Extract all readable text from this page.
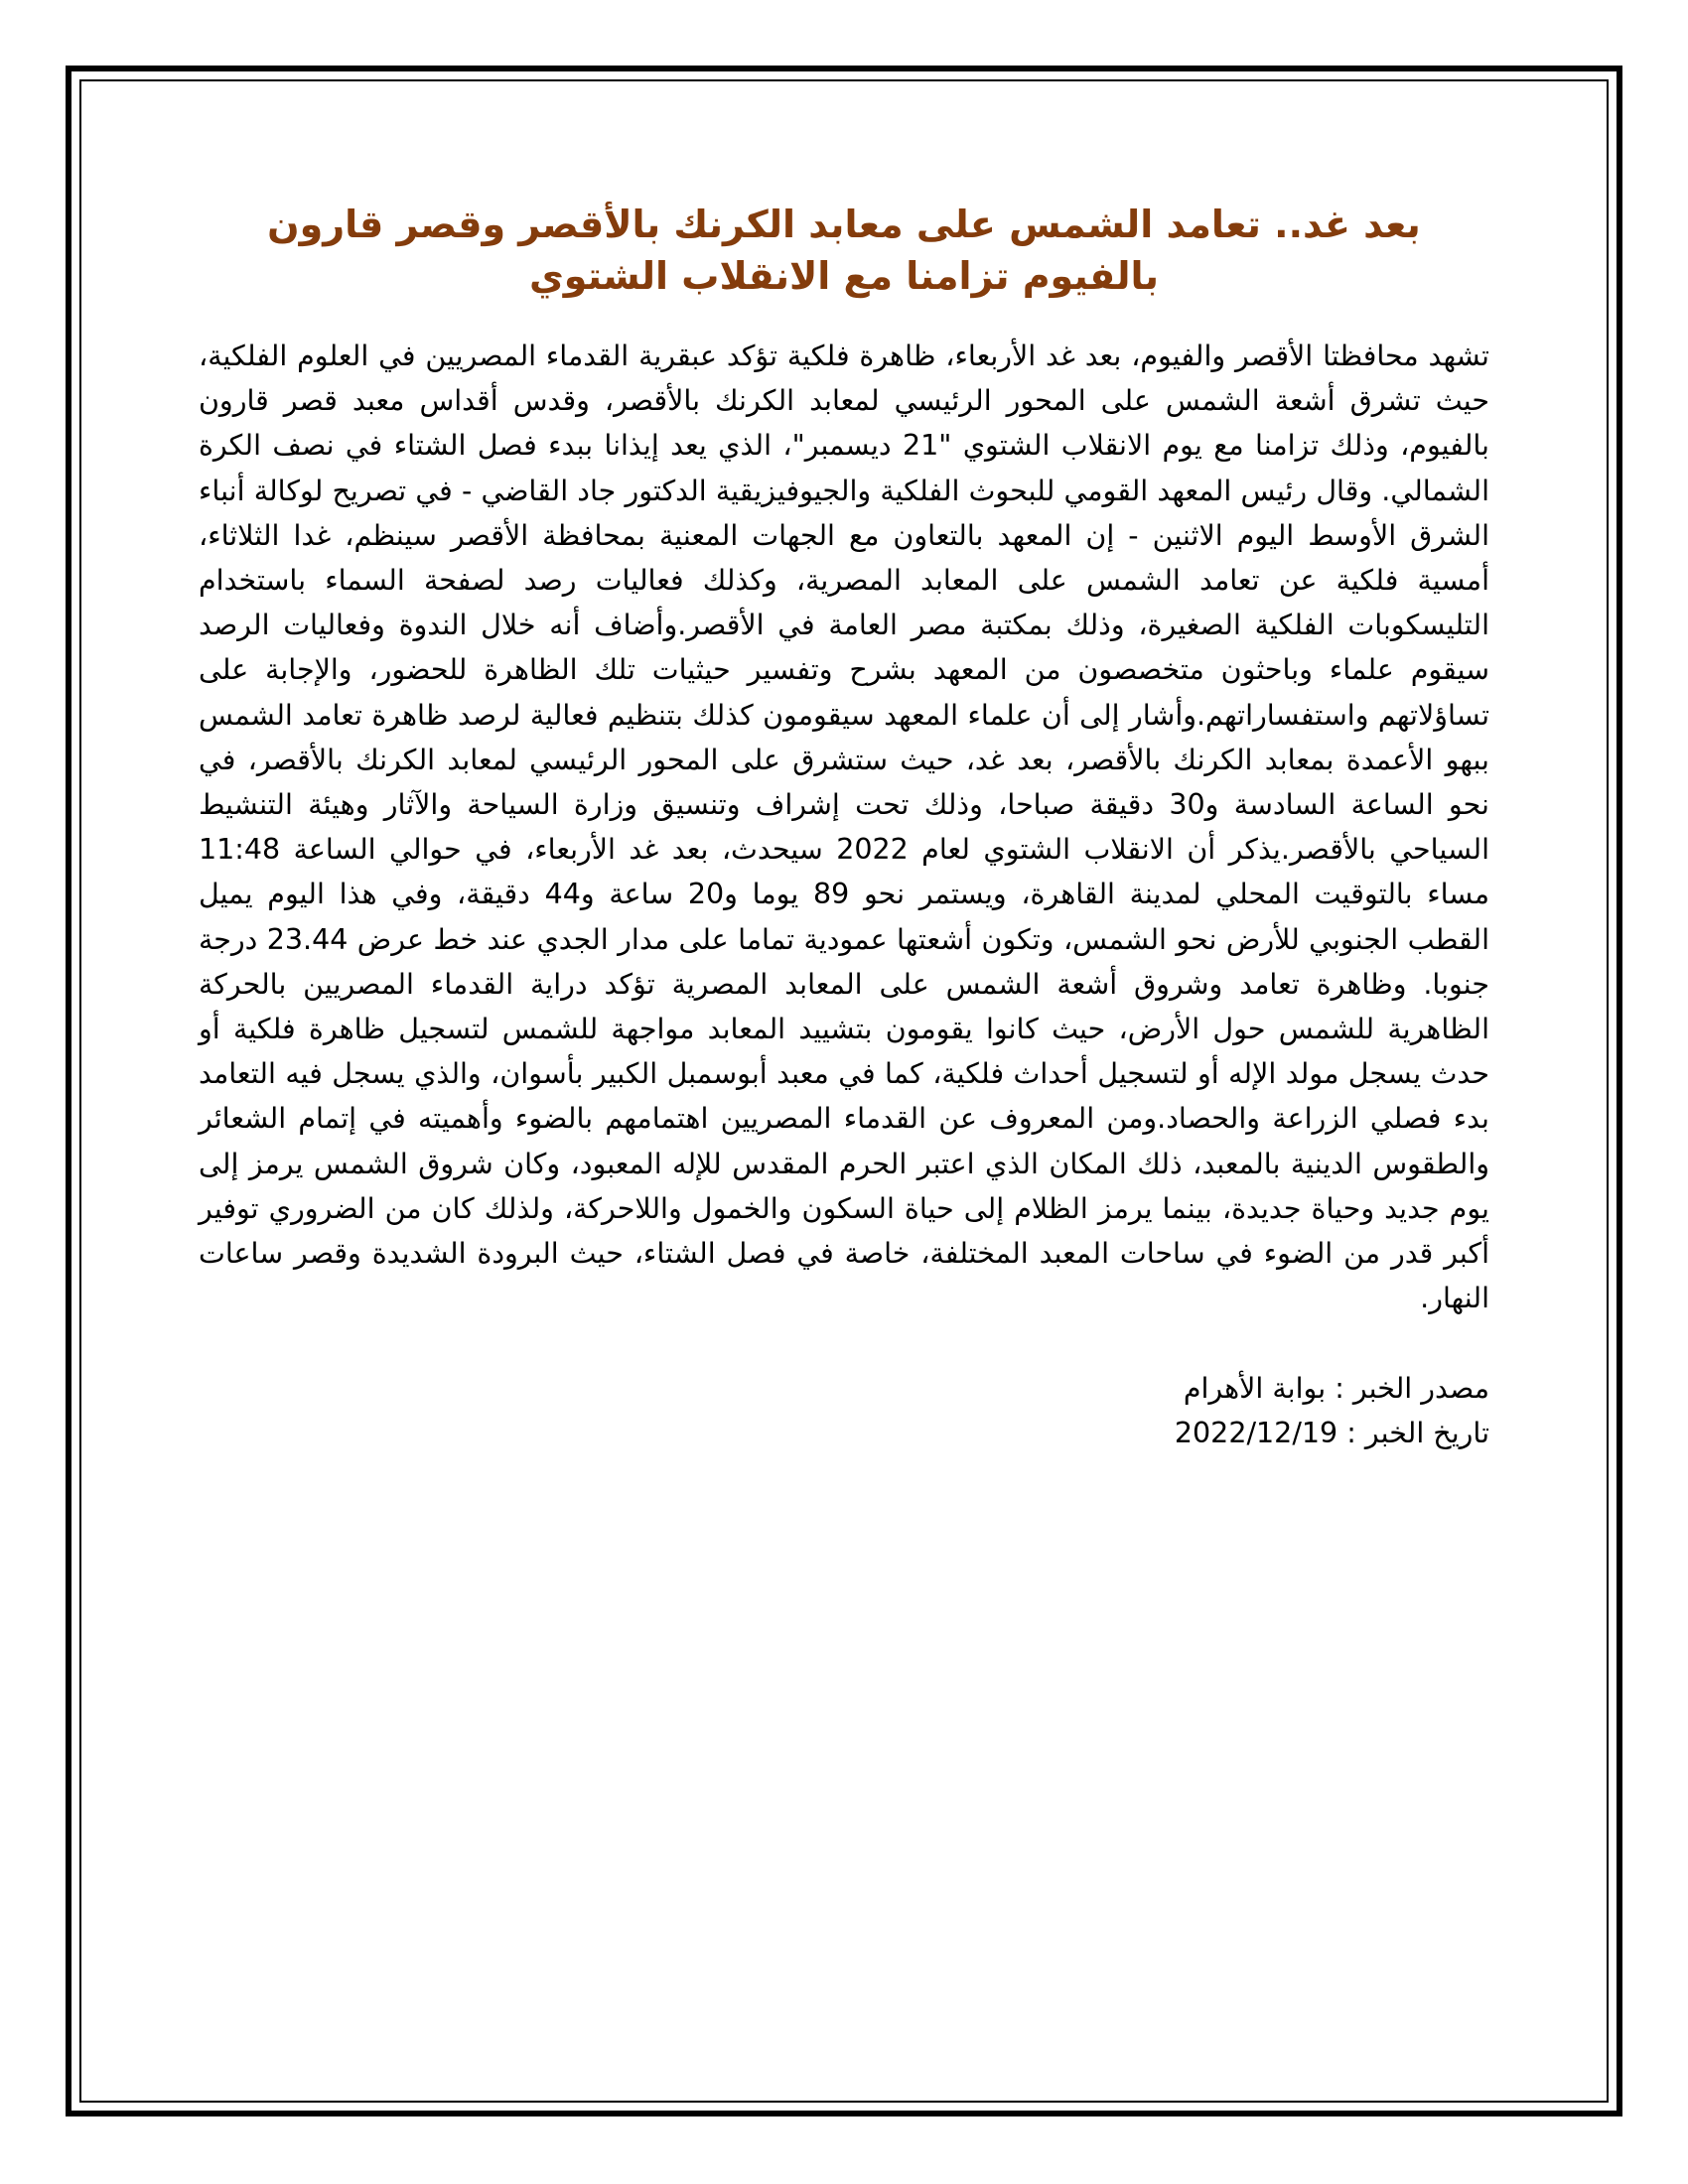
بعد غد.. تعامد الشمس على معابد الكرنك بالأقصر وقصر قارون بالفيوم تزامنا مع الانقلاب الشتوي

تشهد محافظتا الأقصر والفيوم، بعد غد الأربعاء، ظاهرة فلكية تؤكد عبقرية القدماء المصريين في العلوم الفلكية، حيث تشرق أشعة الشمس على المحور الرئيسي لمعابد الكرنك بالأقصر، وقدس أقداس معبد قصر قارون بالفيوم، وذلك تزامنا مع يوم الانقلاب الشتوي "21 ديسمبر"، الذي يعد إيذانا ببدء فصل الشتاء في نصف الكرة الشمالي. وقال رئيس المعهد القومي للبحوث الفلكية والجيوفيزيقية الدكتور جاد القاضي - في تصريح لوكالة أنباء الشرق الأوسط اليوم الاثنين - إن المعهد بالتعاون مع الجهات المعنية بمحافظة الأقصر سينظم، غدا الثلاثاء، أمسية فلكية عن تعامد الشمس على المعابد المصرية، وكذلك فعاليات رصد لصفحة السماء باستخدام التليسكوبات الفلكية الصغيرة، وذلك بمكتبة مصر العامة في الأقصر.وأضاف أنه خلال الندوة وفعاليات الرصد سيقوم علماء وباحثون متخصصون من المعهد بشرح وتفسير حيثيات تلك الظاهرة للحضور، والإجابة على تساؤلاتهم واستفساراتهم.وأشار إلى أن علماء المعهد سيقومون كذلك بتنظيم فعالية لرصد ظاهرة تعامد الشمس ببهو الأعمدة بمعابد الكرنك بالأقصر، بعد غد، حيث ستشرق على المحور الرئيسي لمعابد الكرنك بالأقصر، في نحو الساعة السادسة و30 دقيقة صباحا، وذلك تحت إشراف وتنسيق وزارة السياحة والآثار وهيئة التنشيط السياحي بالأقصر.يذكر أن الانقلاب الشتوي لعام 2022 سيحدث، بعد غد الأربعاء، في حوالي الساعة 11:48 مساء بالتوقيت المحلي لمدينة القاهرة، ويستمر نحو 89 يوما و20 ساعة و44 دقيقة، وفي هذا اليوم يميل القطب الجنوبي للأرض نحو الشمس، وتكون أشعتها عمودية تماما على مدار الجدي عند خط عرض 23.44 درجة جنوبا. وظاهرة تعامد وشروق أشعة الشمس على المعابد المصرية تؤكد دراية القدماء المصريين بالحركة الظاهرية للشمس حول الأرض، حيث كانوا يقومون بتشييد المعابد مواجهة للشمس لتسجيل ظاهرة فلكية أو حدث يسجل مولد الإله أو لتسجيل أحداث فلكية، كما في معبد أبوسمبل الكبير بأسوان، والذي يسجل فيه التعامد بدء فصلي الزراعة والحصاد.ومن المعروف عن القدماء المصريين اهتمامهم بالضوء وأهميته في إتمام الشعائر والطقوس الدينية بالمعبد، ذلك المكان الذي اعتبر الحرم المقدس للإله المعبود، وكان شروق الشمس يرمز إلى يوم جديد وحياة جديدة، بينما يرمز الظلام إلى حياة السكون والخمول واللاحركة، ولذلك كان من الضروري توفير أكبر قدر من الضوء في ساحات المعبد المختلفة، خاصة في فصل الشتاء، حيث البرودة الشديدة وقصر ساعات النهار.

مصدر الخبر : بوابة الأهرام
تاريخ الخبر : 2022/12/19
